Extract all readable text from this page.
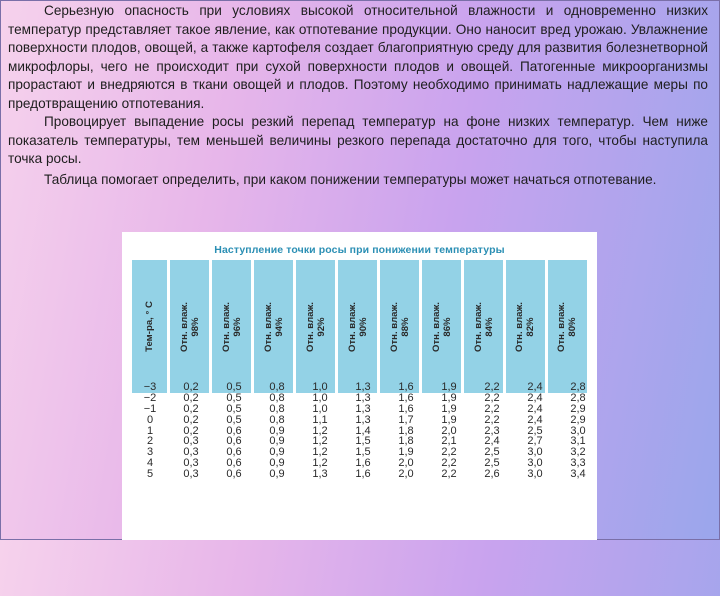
Серьезную опасность при условиях высокой относительной влажности и одновременно низких температур представляет такое явление, как отпотевание продукции. Оно наносит вред урожаю. Увлажнение поверхности плодов, овощей, а также картофеля создает благоприятную среду для развития болезнетворной микрофлоры, чего не происходит при сухой поверхности плодов и овощей. Патогенные микроорганизмы прорастают и внедряются в ткани овощей и плодов. Поэтому необходимо принимать надлежащие меры по предотвращению отпотевания.

Провоцирует выпадение росы резкий перепад температур на фоне низких температур. Чем ниже показатель температуры, тем меньшей величины резкого перепада достаточно для того, чтобы наступила точка росы.

Таблица помогает определить, при каком понижении температуры может начаться отпотевание.

Наступление точки росы при понижении температуры
Тем-ра, ° С Отн. влаж.
98% Отн. влаж.
96% Отн. влаж.
94% Отн. влаж.
92% Отн. влаж.
90% Отн. влаж.
88% Отн. влаж.
86% Отн. влаж.
84% Отн. влаж.
82% Отн. влаж.
80%
−3
−2
−1
0
1
2
3
4
5
0,2
0,2
0,2
0,2
0,2
0,3
0,3
0,3
0,3
0,5
0,5
0,5
0,5
0,6
0,6
0,6
0,6
0,6
0,8
0,8
0,8
0,8
0,9
0,9
0,9
0,9
0,9
1,0
1,0
1,0
1,1
1,2
1,2
1,2
1,2
1,3
1,3
1,3
1,3
1,3
1,4
1,5
1,5
1,6
1,6
1,6
1,6
1,6
1,7
1,8
1,8
1,9
2,0
2,0
1,9
1,9
1,9
1,9
2,0
2,1
2,2
2,2
2,2
2,2
2,2
2,2
2,2
2,3
2,4
2,5
2,5
2,6
2,4
2,4
2,4
2,4
2,5
2,7
3,0
3,0
3,0
2,8
2,8
2,9
2,9
3,0
3,1
3,2
3,3
3,4
